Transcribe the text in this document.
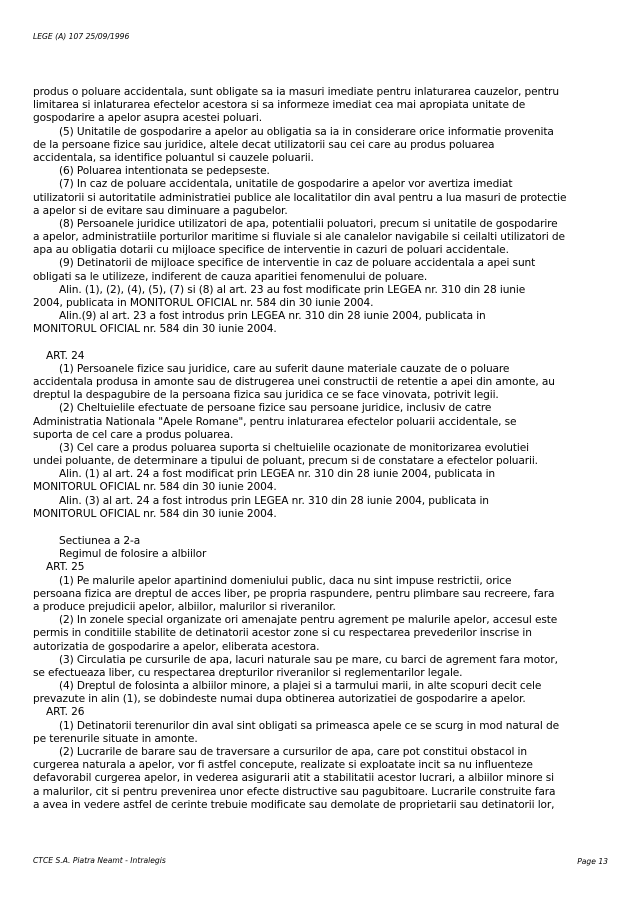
LEGE (A) 107 25/09/1996
produs o poluare accidentala, sunt obligate sa ia masuri imediate pentru inlaturarea cauzelor, pentru
limitarea si inlaturarea efectelor acestora si sa informeze imediat cea mai apropiata unitate de
gospodarire a apelor asupra acestei poluari.
(5) Unitatile de gospodarire a apelor au obligatia sa ia in considerare orice informatie provenita
de la persoane fizice sau juridice, altele decat utilizatorii sau cei care au produs poluarea
accidentala, sa identifice poluantul si cauzele poluarii.
(6) Poluarea intentionata se pedepseste.
(7) In caz de poluare accidentala, unitatile de gospodarire a apelor vor avertiza imediat
utilizatorii si autoritatile administratiei publice ale localitatilor din aval pentru a lua masuri de protectie
a apelor si de evitare sau diminuare a pagubelor.
(8) Persoanele juridice utilizatori de apa, potentialii poluatori, precum si unitatile de gospodarire
a apelor, administratiile porturilor maritime si fluviale si ale canalelor navigabile si ceilalti utilizatori de
apa au obligatia dotarii cu mijloace specifice de interventie in cazuri de poluari accidentale.
(9) Detinatorii de mijloace specifice de interventie in caz de poluare accidentala a apei sunt
obligati sa le utilizeze, indiferent de cauza aparitiei fenomenului de poluare.
Alin. (1), (2), (4), (5), (7) si (8) al art. 23 au fost modificate prin LEGEA nr. 310 din 28 iunie
2004, publicata in MONITORUL OFICIAL nr. 584 din 30 iunie 2004.
Alin.(9) al art. 23 a fost introdus prin LEGEA nr. 310 din 28 iunie 2004, publicata in
MONITORUL OFICIAL nr. 584 din 30 iunie 2004.
ART. 24
(1) Persoanele fizice sau juridice, care au suferit daune materiale cauzate de o poluare
accidentala produsa in amonte sau de distrugerea unei constructii de retentie a apei din amonte, au
dreptul la despagubire de la persoana fizica sau juridica ce se face vinovata, potrivit legii.
(2) Cheltuielile efectuate de persoane fizice sau persoane juridice, inclusiv de catre
Administratia Nationala "Apele Romane", pentru inlaturarea efectelor poluarii accidentale, se
suporta de cel care a produs poluarea.
(3) Cel care a produs poluarea suporta si cheltuielile ocazionate de monitorizarea evolutiei
undei poluante, de determinare a tipului de poluant, precum si de constatare a efectelor poluarii.
Alin. (1) al art. 24 a fost modificat prin LEGEA nr. 310 din 28 iunie 2004, publicata in
MONITORUL OFICIAL nr. 584 din 30 iunie 2004.
Alin. (3) al art. 24 a fost introdus prin LEGEA nr. 310 din 28 iunie 2004, publicata in
MONITORUL OFICIAL nr. 584 din 30 iunie 2004.
Sectiunea a 2-a
Regimul de folosire a albiilor
ART. 25
(1) Pe malurile apelor apartinind domeniului public, daca nu sint impuse restrictii, orice
persoana fizica are dreptul de acces liber, pe propria raspundere, pentru plimbare sau recreere, fara
a produce prejudicii apelor, albiilor, malurilor si riveranilor.
(2) In zonele special organizate ori amenajate pentru agrement pe malurile apelor, accesul este
permis in conditiile stabilite de detinatorii acestor zone si cu respectarea prevederilor inscrise in
autorizatia de gospodarire a apelor, eliberata acestora.
(3) Circulatia pe cursurile de apa, lacuri naturale sau pe mare, cu barci de agrement fara motor,
se efectueaza liber, cu respectarea drepturilor riveranilor si reglementarilor legale.
(4) Dreptul de folosinta a albiilor minore, a plajei si a tarmului marii, in alte scopuri decit cele
prevazute in alin (1), se dobindeste numai dupa obtinerea autorizatiei de gospodarire a apelor.
ART. 26
(1) Detinatorii terenurilor din aval sint obligati sa primeasca apele ce se scurg in mod natural de
pe terenurile situate in amonte.
(2) Lucrarile de barare sau de traversare a cursurilor de apa, care pot constitui obstacol in
curgerea naturala a apelor, vor fi astfel concepute, realizate si exploatate incit sa nu influenteze
defavorabil curgerea apelor, in vederea asigurarii atit a stabilitatii acestor lucrari, a albiilor minore si
a malurilor, cit si pentru prevenirea unor efecte distructive sau pagubitoare. Lucrarile construite fara
a avea in vedere astfel de cerinte trebuie modificate sau demolate de proprietarii sau detinatorii lor,
CTCE S.A. Piatra Neamt - Intralegis	Page 13
